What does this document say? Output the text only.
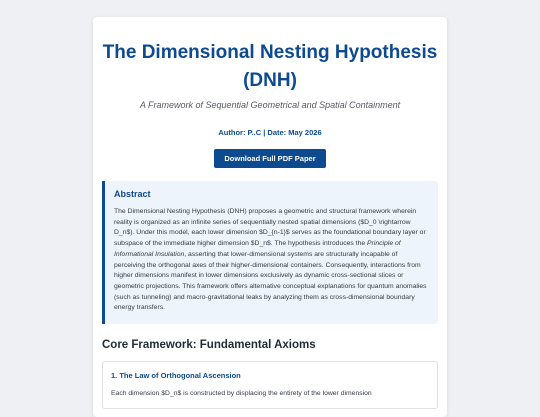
The Dimensional Nesting Hypothesis (DNH)
A Framework of Sequential Geometrical and Spatial Containment
Author: P..C | Date: May 2026
Download Full PDF Paper
Abstract

The Dimensional Nesting Hypothesis (DNH) proposes a geometric and structural framework wherein reality is organized as an infinite series of sequentially nested spatial dimensions ($D_0 \rightarrow D_n$). Under this model, each lower dimension $D_{n-1}$ serves as the foundational boundary layer or subspace of the immediate higher dimension $D_n$. The hypothesis introduces the Principle of Informational Insulation, asserting that lower-dimensional systems are structurally incapable of perceiving the orthogonal axes of their higher-dimensional containers. Consequently, interactions from higher dimensions manifest in lower dimensions exclusively as dynamic cross-sectional slices or geometric projections. This framework offers alternative conceptual explanations for quantum anomalies (such as tunneling) and macro-gravitational leaks by analyzing them as cross-dimensional boundary energy transfers.

Core Framework: Fundamental Axioms
1. The Law of Orthogonal Ascension

Each dimension $D_n$ is constructed by displacing the entirety of the lower dimension
